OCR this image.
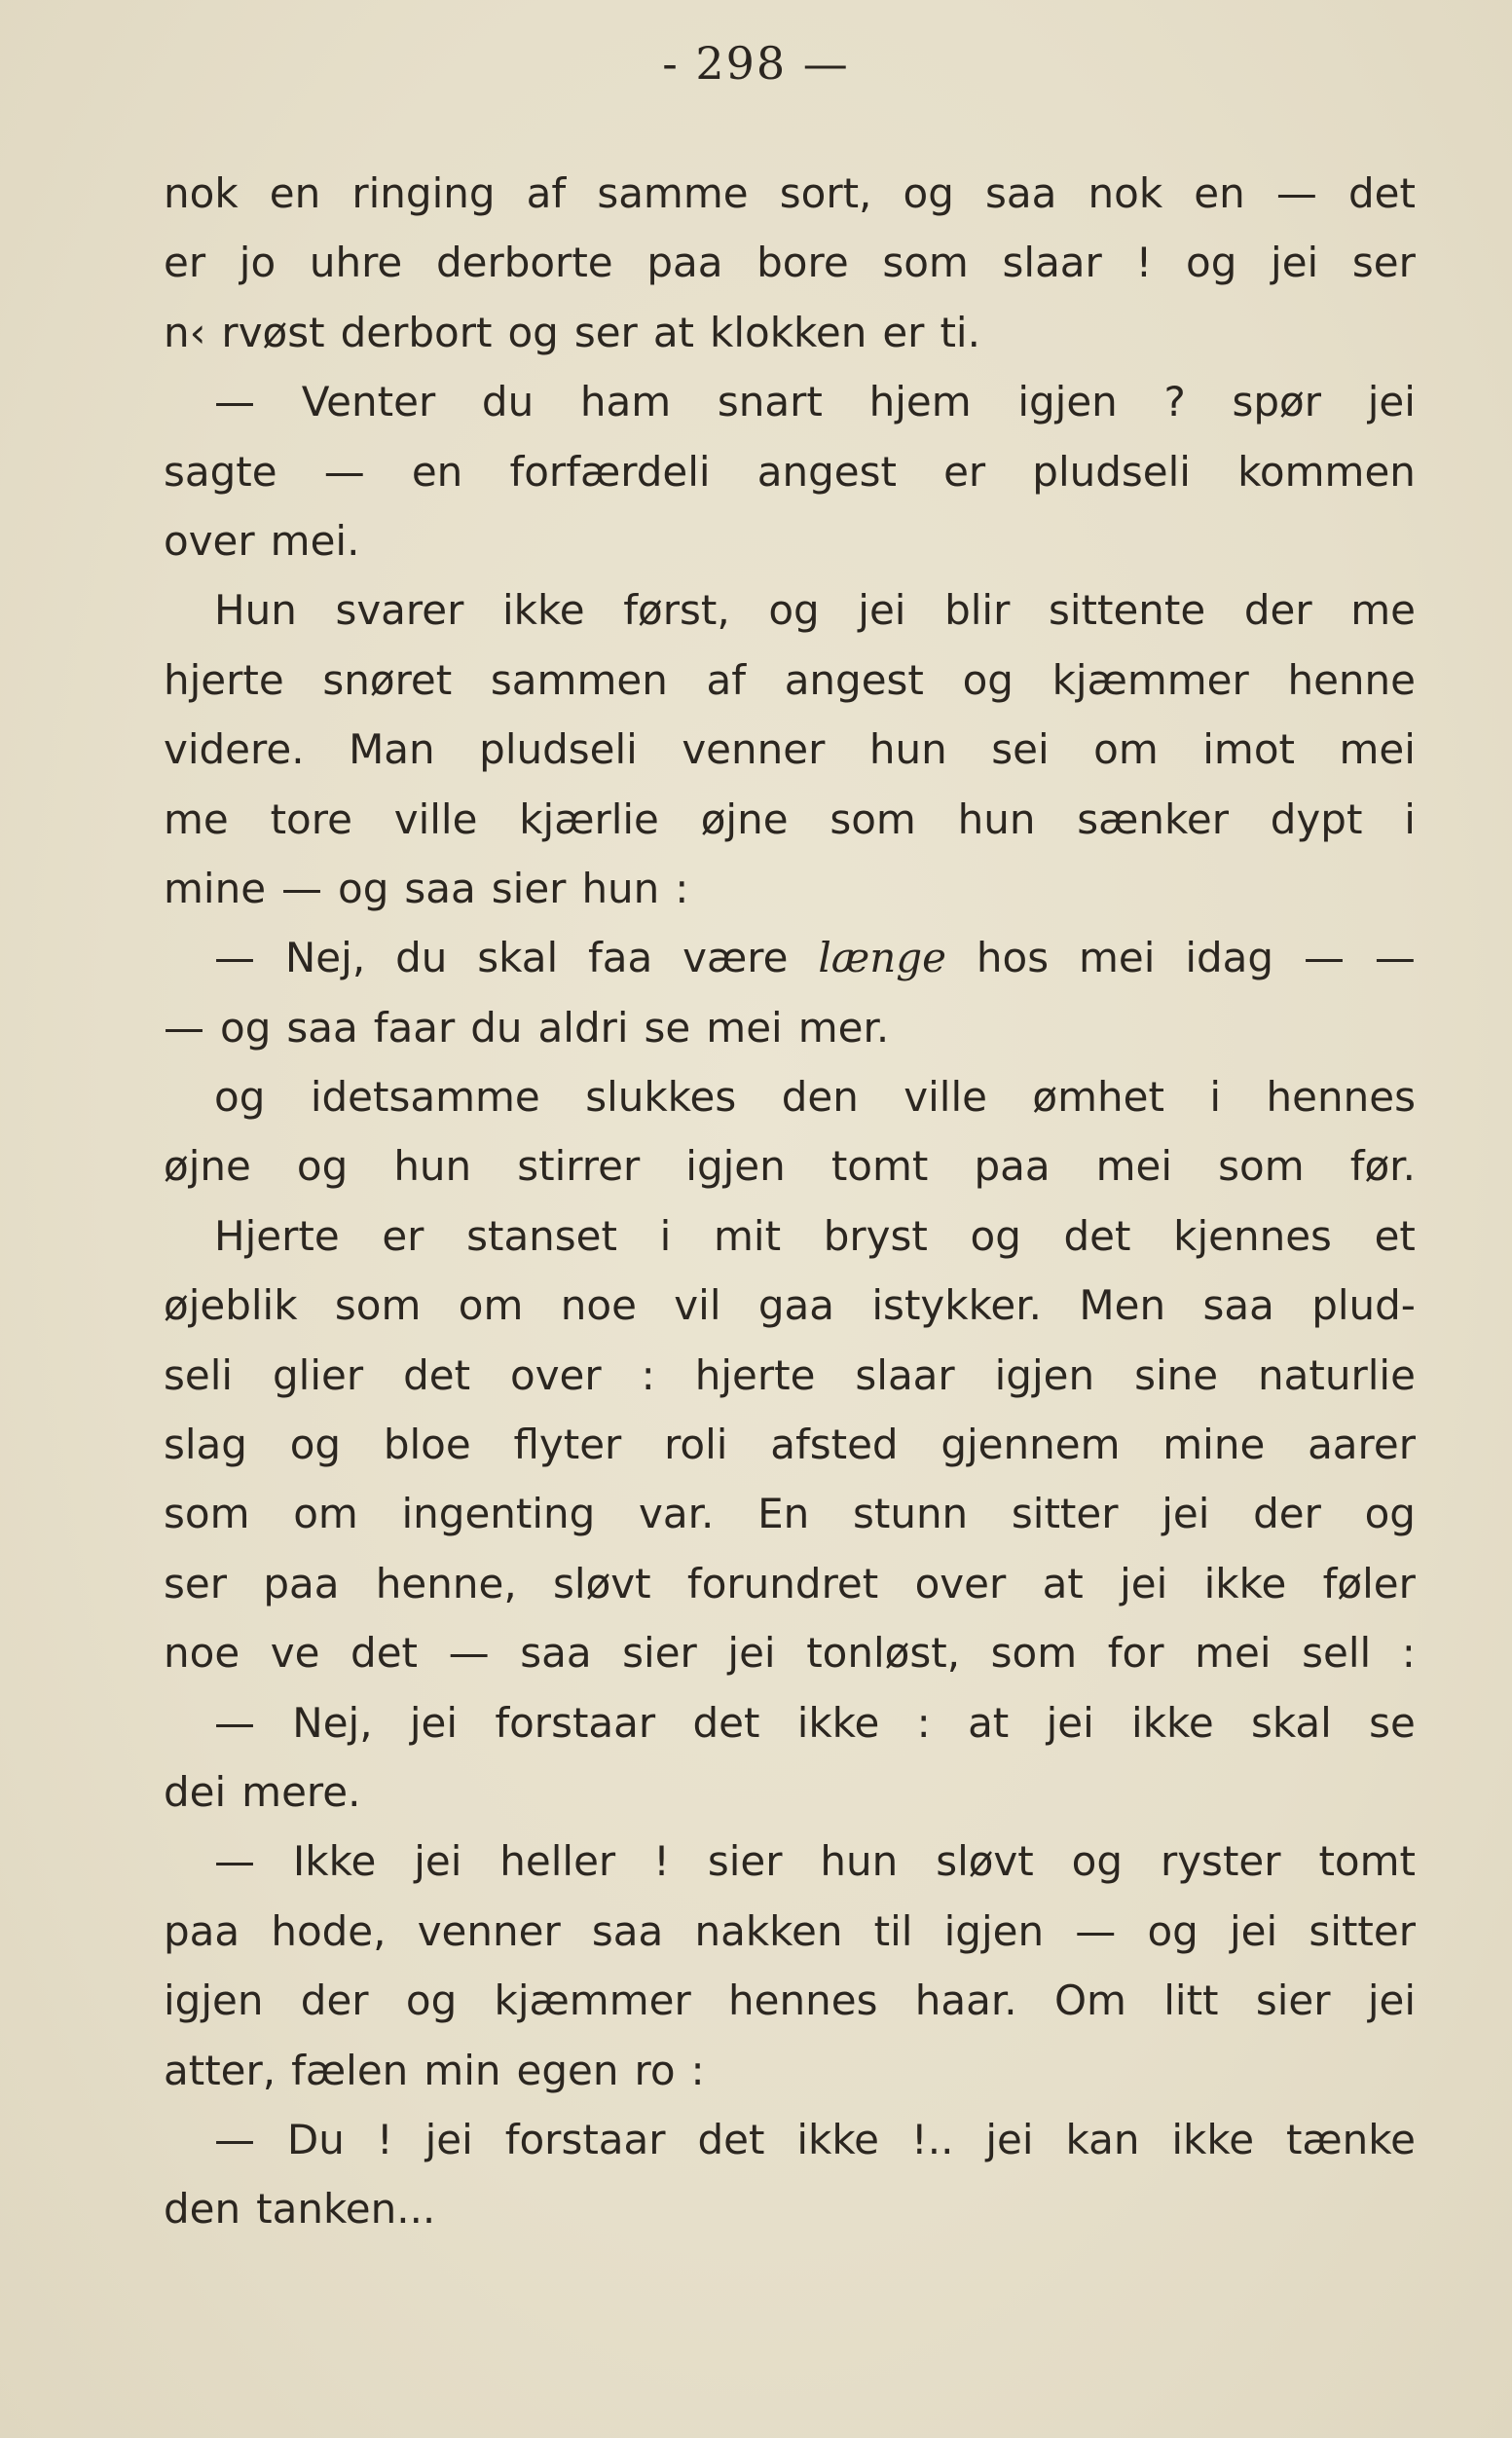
- 298 —
nok en ringing af samme sort, og saa nok en — det
er jo uhre derborte paa bore som slaar ! og jei ser
n‹ rvøst derbort og ser at klokken er ti.
— Venter du ham snart hjem igjen ? spør jei
sagte — en forfærdeli angest er pludseli kommen
over mei.
Hun svarer ikke først, og jei blir sittente der me
hjerte snøret sammen af angest og kjæmmer henne
videre. Man pludseli venner hun sei om imot mei
me tore ville kjærlie øjne som hun sænker dypt i
mine — og saa sier hun :
— Nej, du skal faa være længe hos mei idag — —
— og saa faar du aldri se mei mer.
og idetsamme slukkes den ville ømhet i hennes
øjne og hun stirrer igjen tomt paa mei som før.
Hjerte er stanset i mit bryst og det kjennes et
øjeblik som om noe vil gaa istykker. Men saa plud-
seli glier det over : hjerte slaar igjen sine naturlie
slag og bloe flyter roli afsted gjennem mine aarer
som om ingenting var. En stunn sitter jei der og
ser paa henne, sløvt forundret over at jei ikke føler
noe ve det — saa sier jei tonløst, som for mei sell :
— Nej, jei forstaar det ikke : at jei ikke skal se
dei mere.
— Ikke jei heller ! sier hun sløvt og ryster tomt
paa hode, venner saa nakken til igjen — og jei sitter
igjen der og kjæmmer hennes haar. Om litt sier jei
atter, fælen min egen ro :
— Du ! jei forstaar det ikke !.. jei kan ikke tænke
den tanken...
